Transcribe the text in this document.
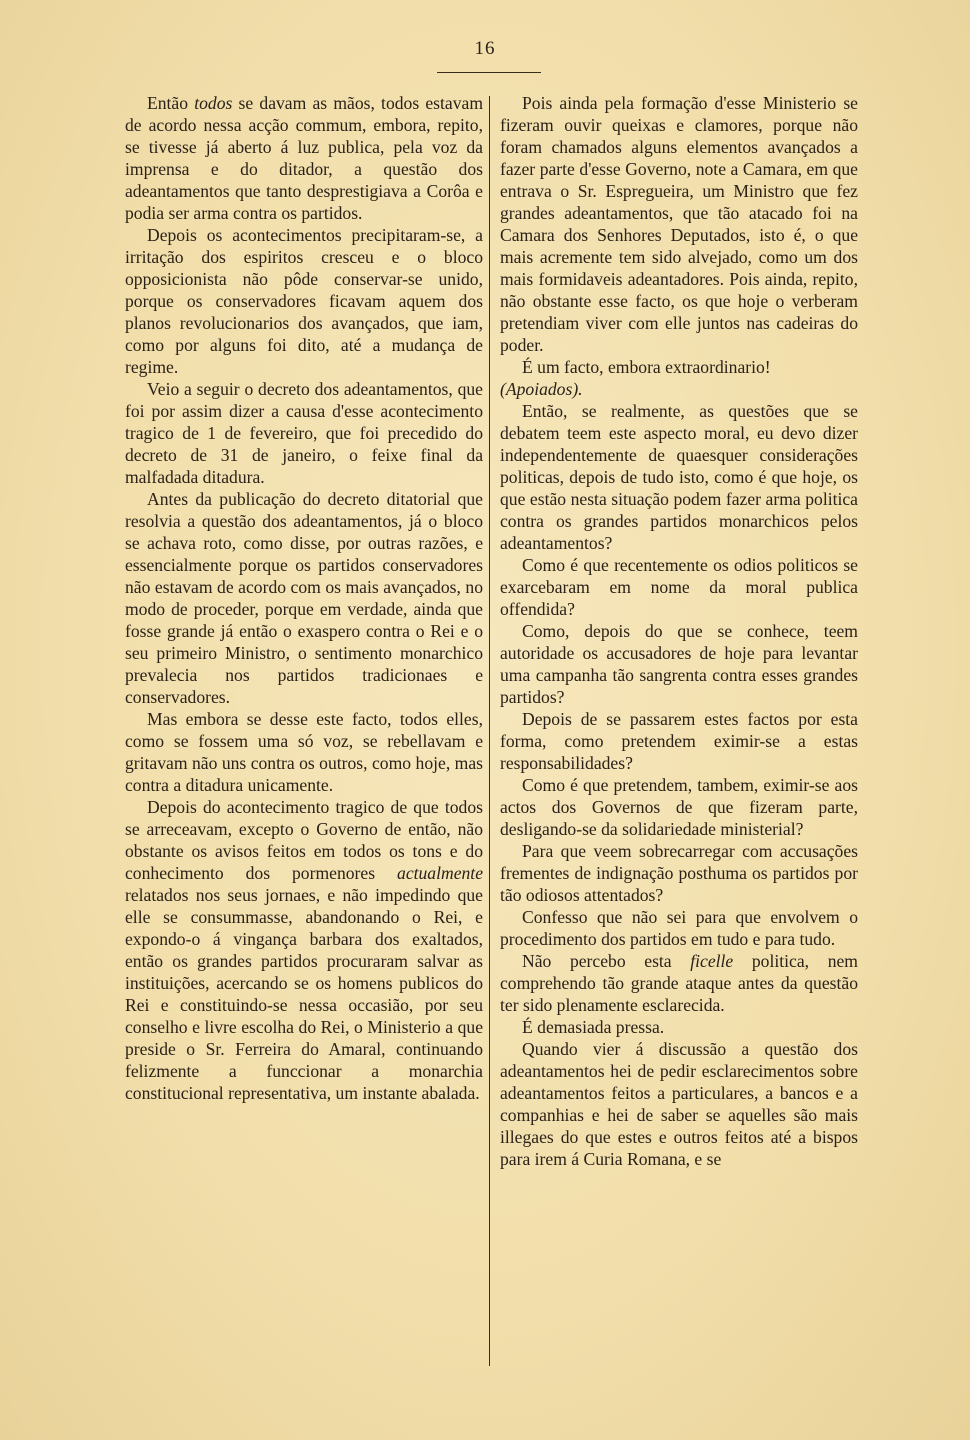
16

Então todos se davam as mãos, todos estavam de acordo nessa acção commum, embora, repito, se tivesse já aberto á luz publica, pela voz da imprensa e do ditador, a questão dos adeantamentos que tanto desprestigiava a Corôa e podia ser arma contra os partidos.

Depois os acontecimentos precipitaram-se, a irritação dos espiritos cresceu e o bloco opposicionista não pôde conservar-se unido, porque os conservadores ficavam aquem dos planos revolucionarios dos avançados, que iam, como por alguns foi dito, até a mudança de regime.

Veio a seguir o decreto dos adeantamentos, que foi por assim dizer a causa d'esse acontecimento tragico de 1 de fevereiro, que foi precedido do decreto de 31 de janeiro, o feixe final da malfadada ditadura.

Antes da publicação do decreto ditatorial que resolvia a questão dos adeantamentos, já o bloco se achava roto, como disse, por outras razões, e essencialmente porque os partidos conservadores não estavam de acordo com os mais avançados, no modo de proceder, porque em verdade, ainda que fosse grande já então o exaspero contra o Rei e o seu primeiro Ministro, o sentimento monarchico prevalecia nos partidos tradicionaes e conservadores.

Mas embora se desse este facto, todos elles, como se fossem uma só voz, se rebellavam e gritavam não uns contra os outros, como hoje, mas contra a ditadura unicamente.

Depois do acontecimento tragico de que todos se arreceavam, excepto o Governo de então, não obstante os avisos feitos em todos os tons e do conhecimento dos pormenores actualmente relatados nos seus jornaes, e não impedindo que elle se consummasse, abandonando o Rei, e expondo-o á vingança barbara dos exaltados, então os grandes partidos procuraram salvar as instituições, acercando se os homens publicos do Rei e constituindo-se nessa occasião, por seu conselho e livre escolha do Rei, o Ministerio a que preside o Sr. Ferreira do Amaral, continuando felizmente a funccionar a monarchia constitucional representativa, um instante abalada.

Pois ainda pela formação d'esse Ministerio se fizeram ouvir queixas e clamores, porque não foram chamados alguns elementos avançados a fazer parte d'esse Governo, note a Camara, em que entrava o Sr. Espregueira, um Ministro que fez grandes adeantamentos, que tão atacado foi na Camara dos Senhores Deputados, isto é, o que mais acremente tem sido alvejado, como um dos mais formidaveis adeantadores. Pois ainda, repito, não obstante esse facto, os que hoje o verberam pretendiam viver com elle juntos nas cadeiras do poder.

É um facto, embora extraordinario!

(Apoiados).

Então, se realmente, as questões que se debatem teem este aspecto moral, eu devo dizer independentemente de quaesquer considerações politicas, depois de tudo isto, como é que hoje, os que estão nesta situação podem fazer arma politica contra os grandes partidos monarchicos pelos adeantamentos?

Como é que recentemente os odios politicos se exarcebaram em nome da moral publica offendida?

Como, depois do que se conhece, teem autoridade os accusadores de hoje para levantar uma campanha tão sangrenta contra esses grandes partidos?

Depois de se passarem estes factos por esta forma, como pretendem eximir-se a estas responsabilidades?

Como é que pretendem, tambem, eximir-se aos actos dos Governos de que fizeram parte, desligando-se da solidariedade ministerial?

Para que veem sobrecarregar com accusações frementes de indignação posthuma os partidos por tão odiosos attentados?

Confesso que não sei para que envolvem o procedimento dos partidos em tudo e para tudo.

Não percebo esta ficelle politica, nem comprehendo tão grande ataque antes da questão ter sido plenamente esclarecida.

É demasiada pressa.

Quando vier á discussão a questão dos adeantamentos hei de pedir esclarecimentos sobre adeantamentos feitos a particulares, a bancos e a companhias e hei de saber se aquelles são mais illegaes do que estes e outros feitos até a bispos para irem á Curia Romana, e se
